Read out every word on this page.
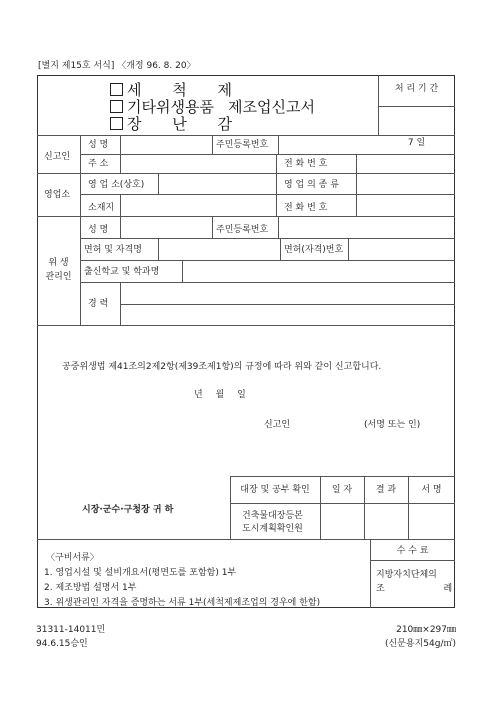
[별지 제15호 서식] 〈개정 96. 8. 20〉
세 척 제
기타위생용품 제조업신고서
장 난 감
처 리 기 간
7 일
신고인
성 명	주민등록번호
주 소	전 화 번 호
영업소
영 업 소(상호)	영 업 의 종 류
소재지	전 화 번 호
위 생
관리인
성 명	주민등록번호
면허 및 자격명	면허(자격)번호
출신학교 및 학과명
경 력
공중위생법 제41조의2제2항(제39조제1항)의 규정에 따라 위와 같이 신고합니다.
년 월 일
신고인	(서명 또는 인)
대장 및 공부 확인	일 자	결 과	서 명
건축물대장등본
도시계획확인원
시장·군수·구청장 귀 하
〈구비서류〉
1. 영업시설 및 설비개요서(평면도를 포함함) 1부
2. 제조방법 설명서 1부
3. 위생관리인 자격을 증명하는 서류 1부(세척제제조업의 경우에 한함)
수 수 료
지방자치단체의
조 례
31311-14011민
94.6.15승인
210㎜×297㎜
(신문용지54g/㎡)
